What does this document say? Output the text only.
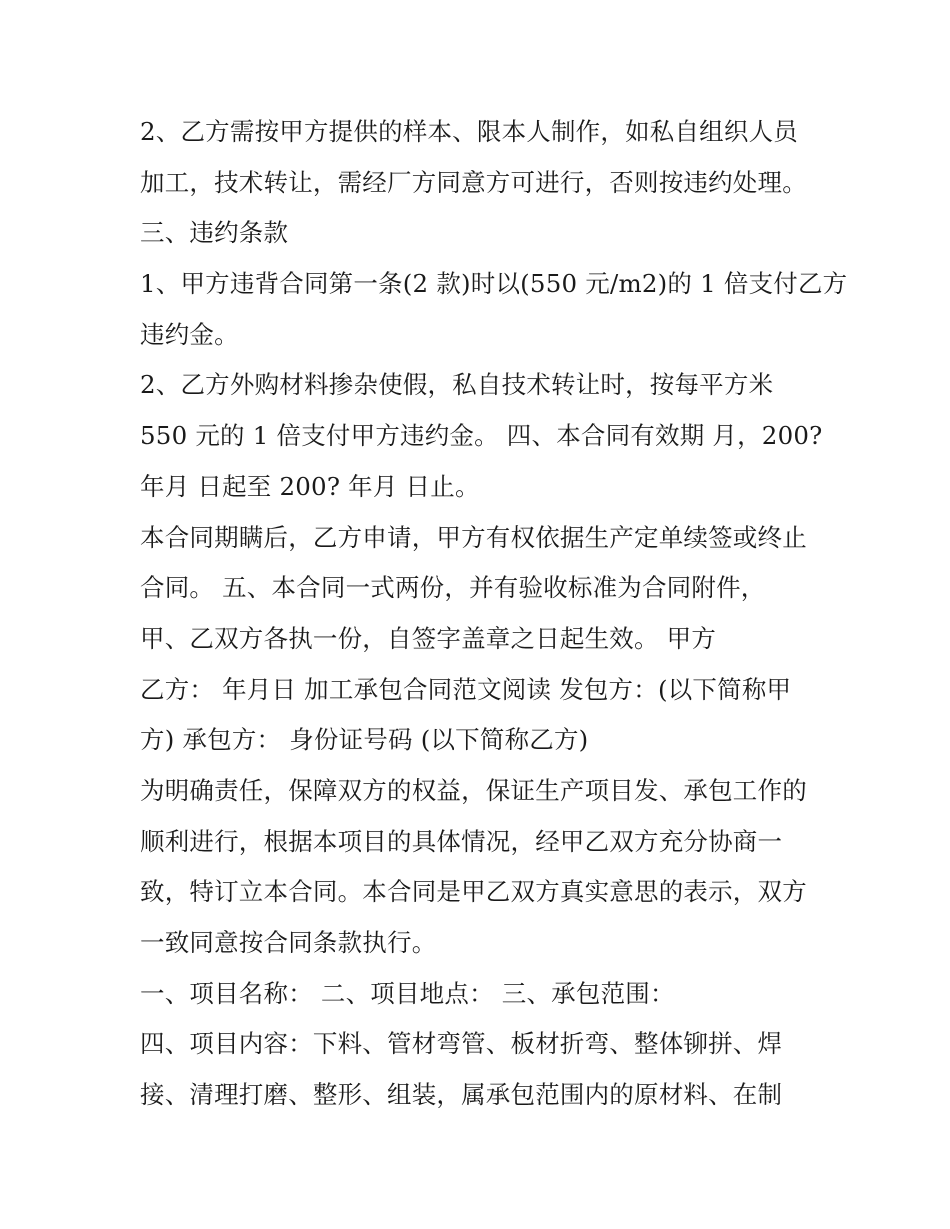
2、乙方需按甲方提供的样本、限本人制作，如私自组织人员
加工，技术转让，需经厂方同意方可进行，否则按违约处理。
三、违约条款
1、甲方违背合同第一条(2 款)时以(550 元/m2)的 1 倍支付乙方
违约金。
2、乙方外购材料掺杂使假，私自技术转让时，按每平方米
550 元的 1 倍支付甲方违约金。 四、本合同有效期 月，200?
年月 日起至 200? 年月 日止。
本合同期瞒后，乙方申请，甲方有权依据生产定单续签或终止
合同。 五、本合同一式两份，并有验收标准为合同附件，
甲、乙双方各执一份，自签字盖章之日起生效。 甲方
乙方： 年月日 加工承包合同范文阅读 发包方：(以下简称甲
方) 承包方： 身份证号码 (以下简称乙方)
为明确责任，保障双方的权益，保证生产项目发、承包工作的
顺利进行，根据本项目的具体情况，经甲乙双方充分协商一
致，特订立本合同。本合同是甲乙双方真实意思的表示，双方
一致同意按合同条款执行。
一、项目名称： 二、项目地点： 三、承包范围：
四、项目内容：下料、管材弯管、板材折弯、整体铆拼、焊
接、清理打磨、整形、组装，属承包范围内的原材料、在制
